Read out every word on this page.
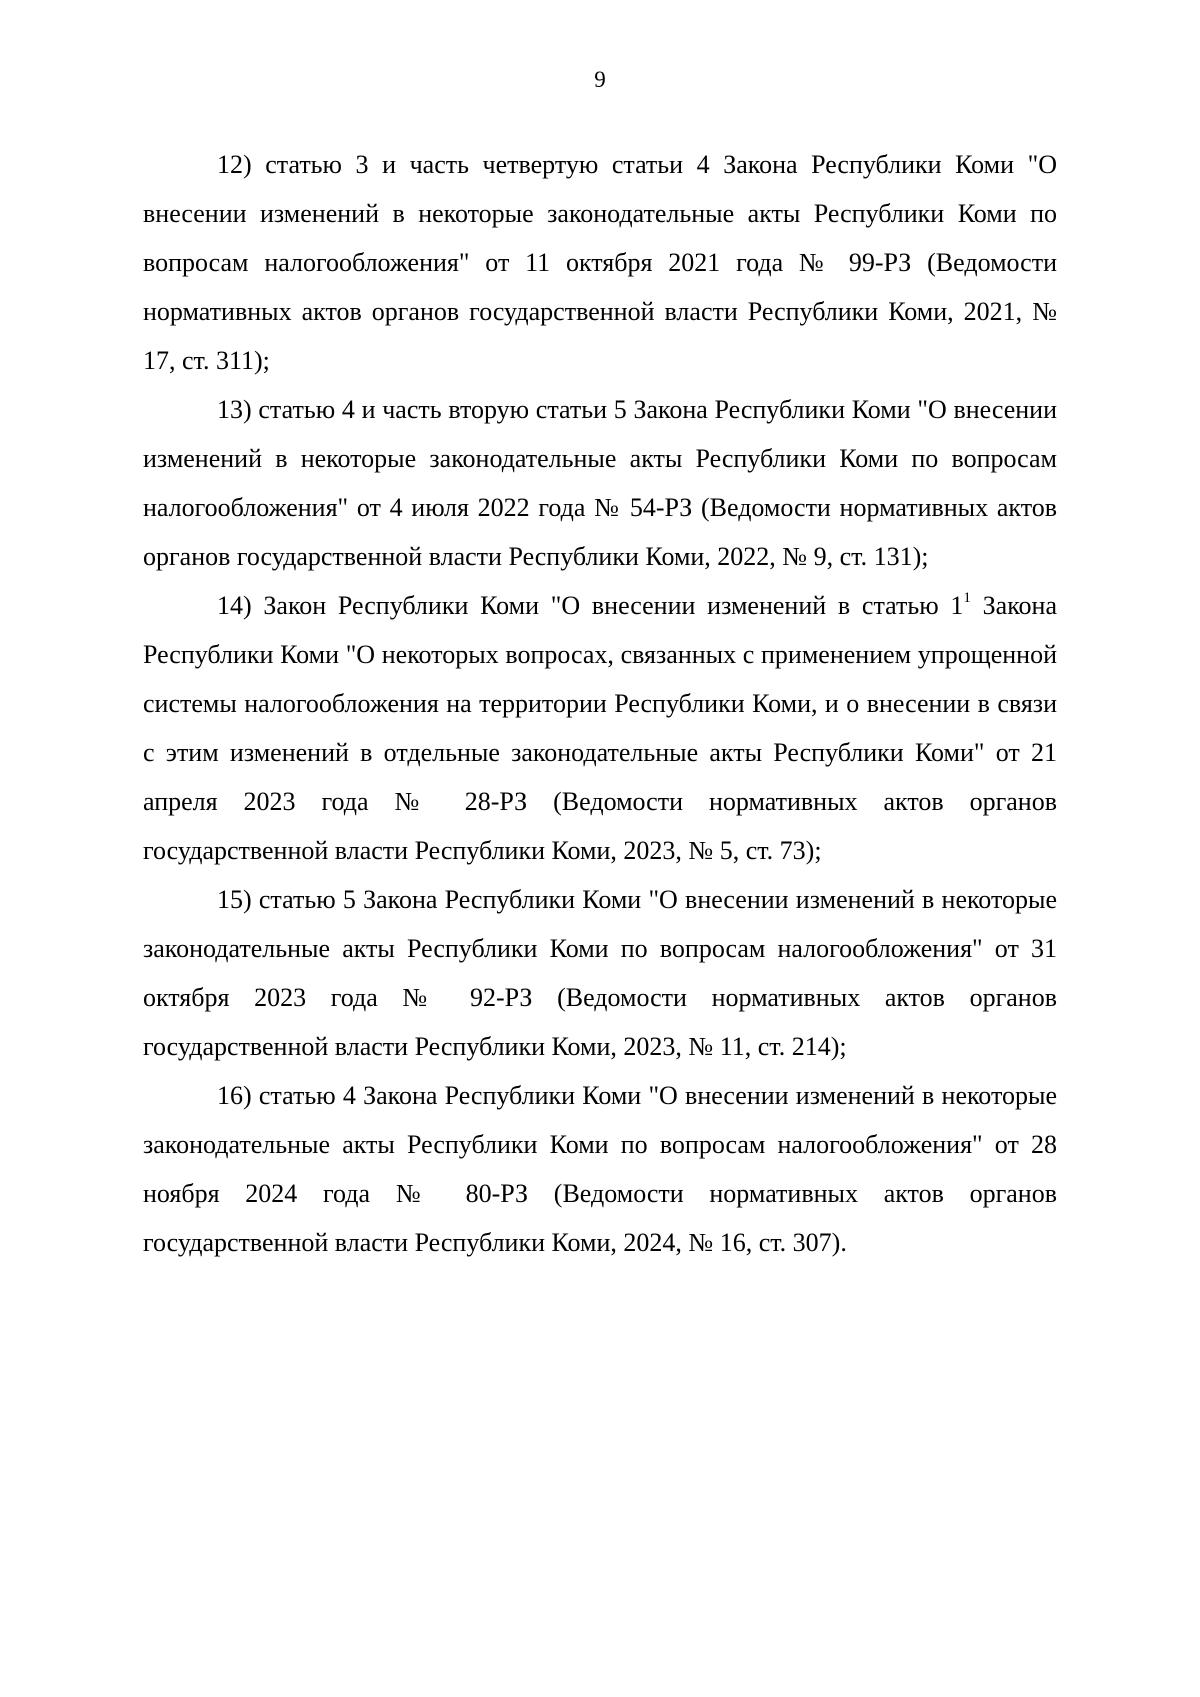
9

12) статью 3 и часть четвертую статьи 4 Закона Республики Коми "О внесении изменений в некоторые законодательные акты Республики Коми по вопросам налогообложения" от 11 октября 2021 года № 99-РЗ (Ведомости нормативных актов органов государственной власти Республики Коми, 2021, № 17, ст. 311);

13) статью 4 и часть вторую статьи 5 Закона Республики Коми "О внесении изменений в некоторые законодательные акты Республики Коми по вопросам налогообложения" от 4 июля 2022 года № 54-РЗ (Ведомости нормативных актов органов государственной власти Республики Коми, 2022, № 9, ст. 131);

14) Закон Республики Коми "О внесении изменений в статью $1^1$ Закона Республики Коми "О некоторых вопросах, связанных с применением упрощенной системы налогообложения на территории Республики Коми, и о внесении в связи с этим изменений в отдельные законодательные акты Республики Коми" от 21 апреля 2023 года № 28-РЗ (Ведомости нормативных актов органов государственной власти Республики Коми, 2023, № 5, ст. 73);

15) статью 5 Закона Республики Коми "О внесении изменений в некоторые законодательные акты Республики Коми по вопросам налогообложения" от 31 октября 2023 года № 92-РЗ (Ведомости нормативных актов органов государственной власти Республики Коми, 2023, № 11, ст. 214);

16) статью 4 Закона Республики Коми "О внесении изменений в некоторые законодательные акты Республики Коми по вопросам налогообложения" от 28 ноября 2024 года № 80-РЗ (Ведомости нормативных актов органов государственной власти Республики Коми, 2024, № 16, ст. 307).
